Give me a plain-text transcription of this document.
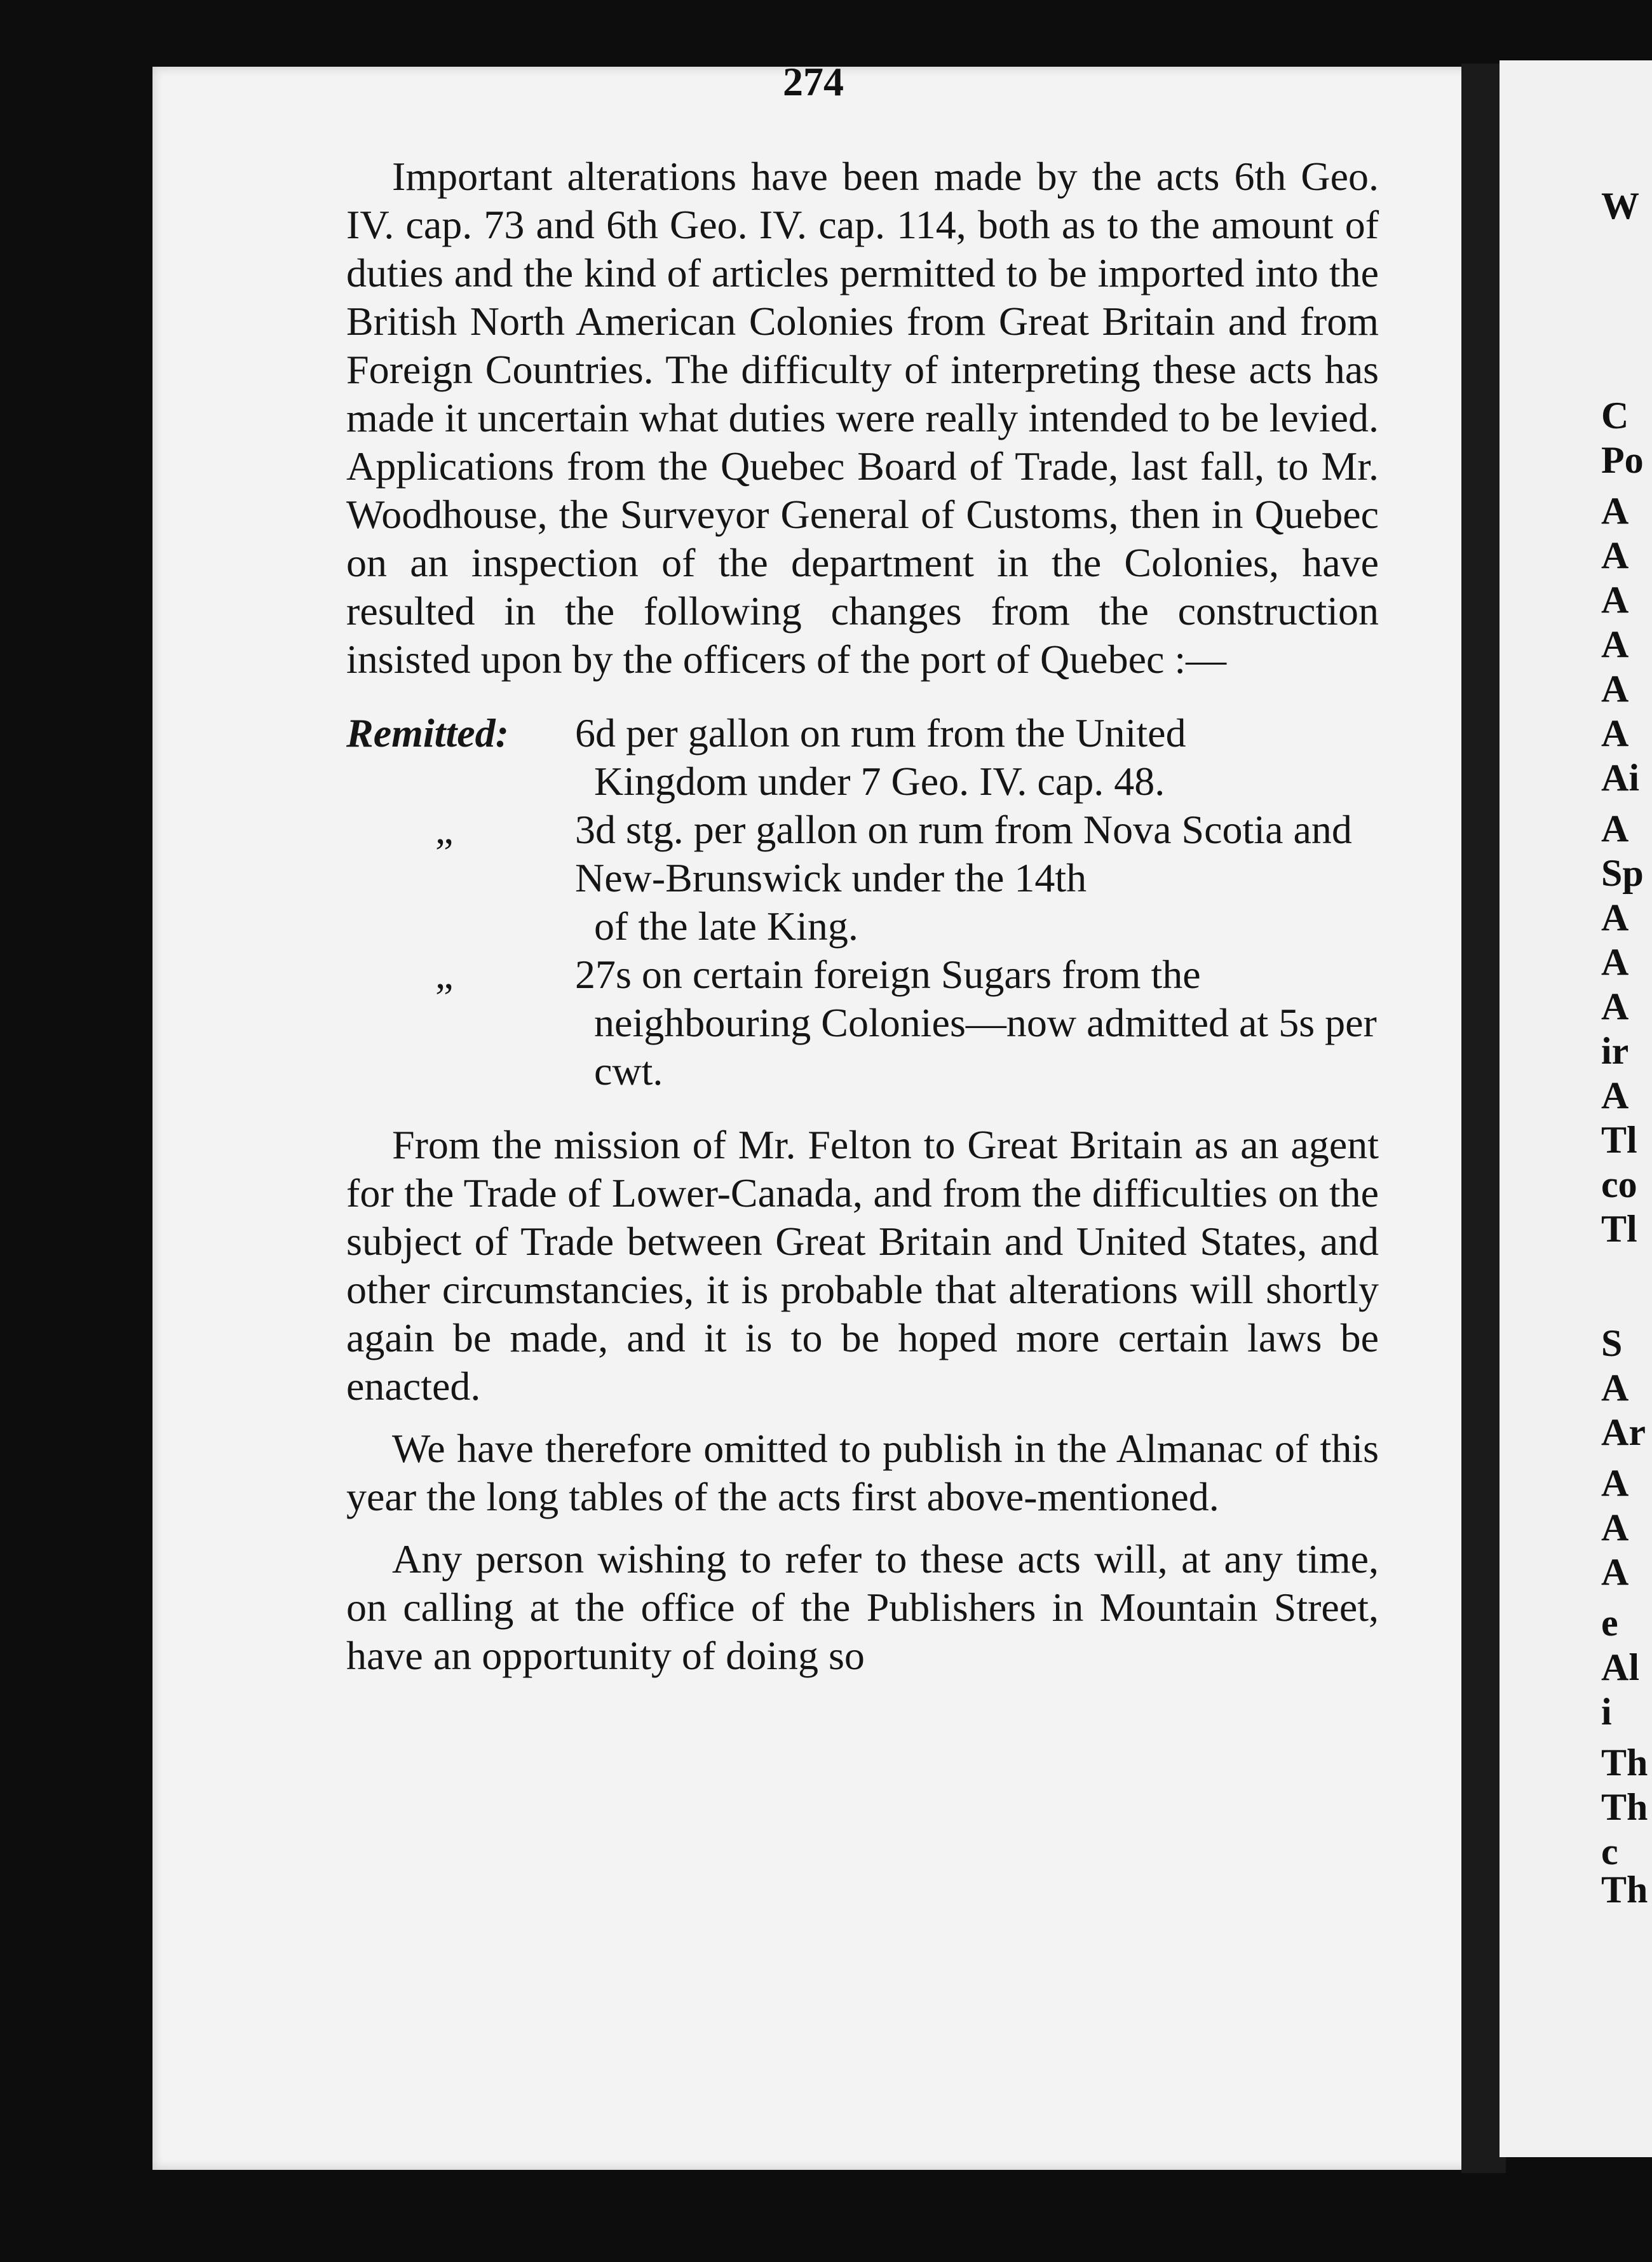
274

Important alterations have been made by the acts 6th Geo. IV. cap. 73 and 6th Geo. IV. cap. 114, both as to the amount of duties and the kind of articles permitted to be imported into the British North American Colonies from Great Britain and from Foreign Countries. The difficulty of interpreting these acts has made it uncertain what duties were really intended to be levied. Applications from the Quebec Board of Trade, last fall, to Mr. Woodhouse, the Surveyor General of Customs, then in Quebec on an inspection of the department in the Colonies, have resulted in the following changes from the construction insisted upon by the officers of the port of Quebec :—

Remitted:	6d per gallon on rum from the United
Kingdom under 7 Geo. IV. cap. 48.
„	3d stg. per gallon on rum from Nova Scotia and New-Brunswick under the 14th
of the late King.
„	27s on certain foreign Sugars from the
neighbouring Colonies—now admitted at 5s per cwt.

From the mission of Mr. Felton to Great Britain as an agent for the Trade of Lower-Canada, and from the difficulties on the subject of Trade between Great Britain and United States, and other circumstancies, it is probable that alterations will shortly again be made, and it is to be hoped more certain laws be enacted.

We have therefore omitted to publish in the Almanac of this year the long tables of the acts first above-mentioned.

Any person wishing to refer to these acts will, at any time, on calling at the office of the Publishers in Mountain Street, have an opportunity of doing so

W
C
Po
A
A
A
A
A
A
Ai
A
Sp
A
A
A
ir
A
Tl
co
Tl
S
A
Ar
A
A
A
e
Al
i
Th
Th
c
Th
